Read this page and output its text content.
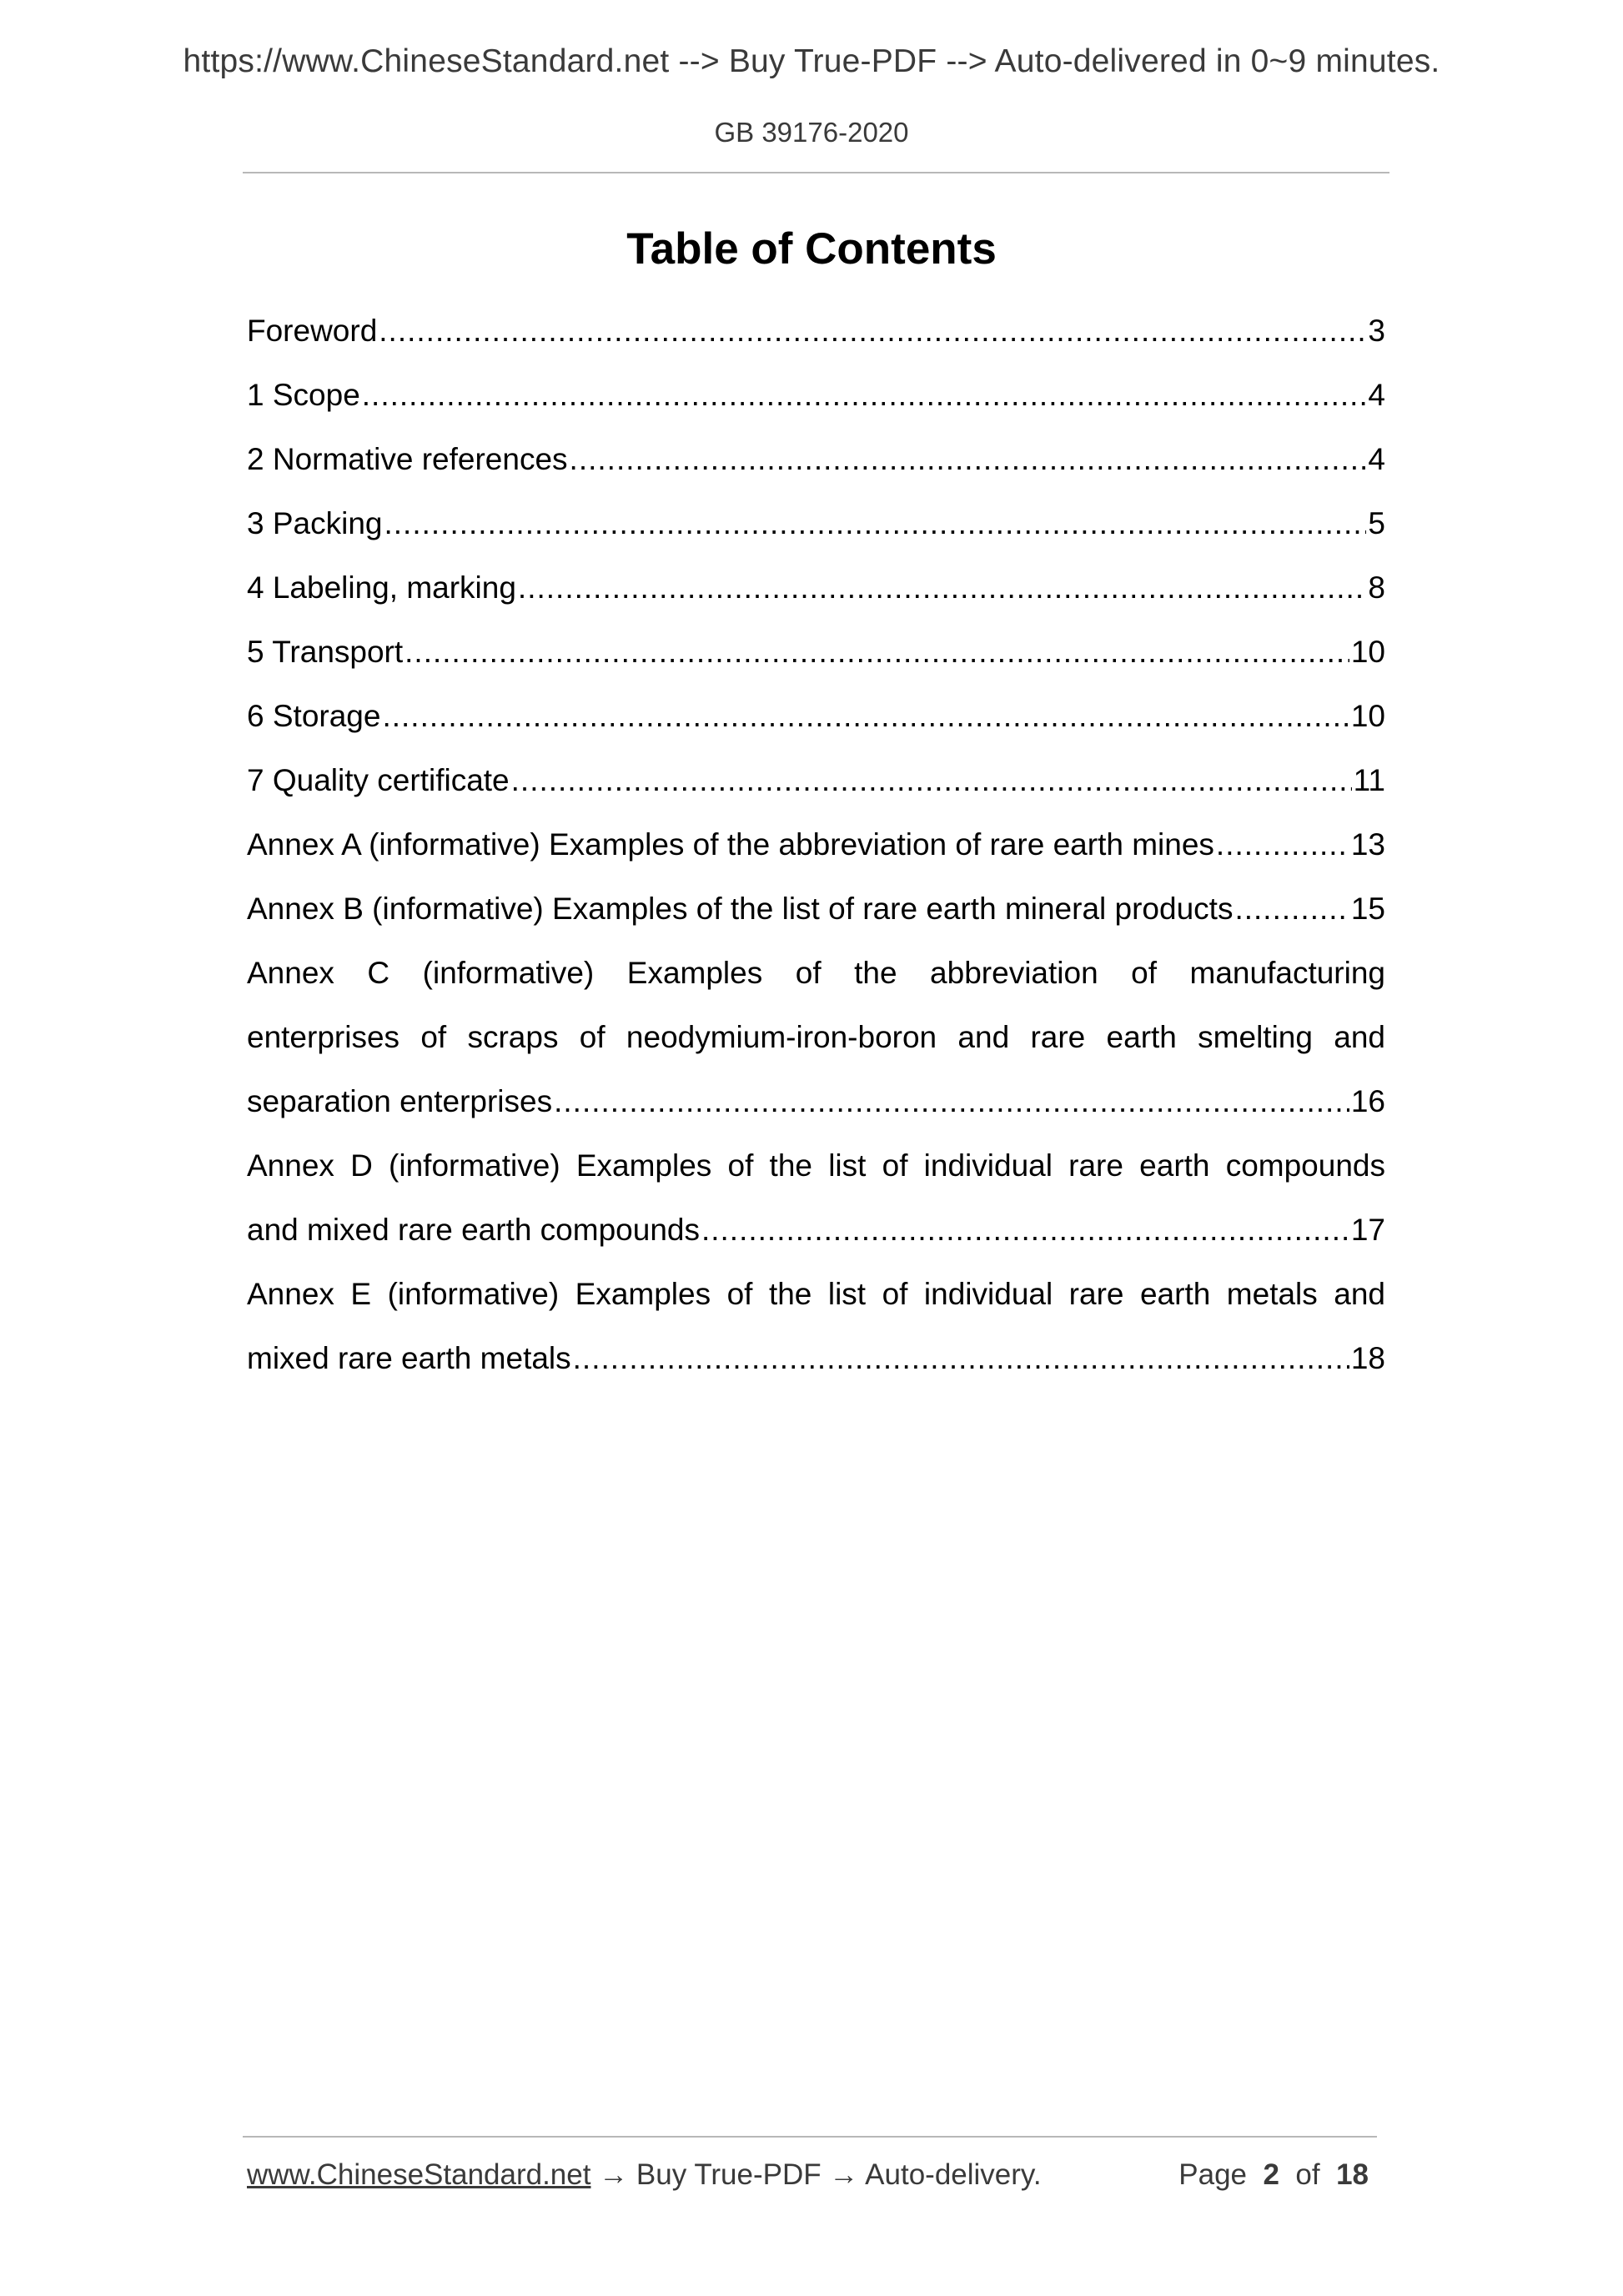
https://www.ChineseStandard.net --> Buy True-PDF --> Auto-delivered in 0~9 minutes.
GB 39176-2020
Table of Contents
Foreword .....	3
1 Scope .....	4
2 Normative references .....	4
3 Packing .....	5
4 Labeling, marking .....	8
5 Transport .....	10
6 Storage .....	10
7 Quality certificate .....	11
Annex A (informative) Examples of the abbreviation of rare earth mines .....	13
Annex B (informative) Examples of the list of rare earth mineral products .....	15
Annex C (informative) Examples of the abbreviation of manufacturing
enterprises of scraps of neodymium-iron-boron and rare earth smelting and
separation enterprises .....	16
Annex D (informative) Examples of the list of individual rare earth compounds
and mixed rare earth compounds .....	17
Annex E (informative) Examples of the list of individual rare earth metals and
mixed rare earth metals .....	18
www.ChineseStandard.net → Buy True-PDF → Auto-delivery.	Page 2 of 18
